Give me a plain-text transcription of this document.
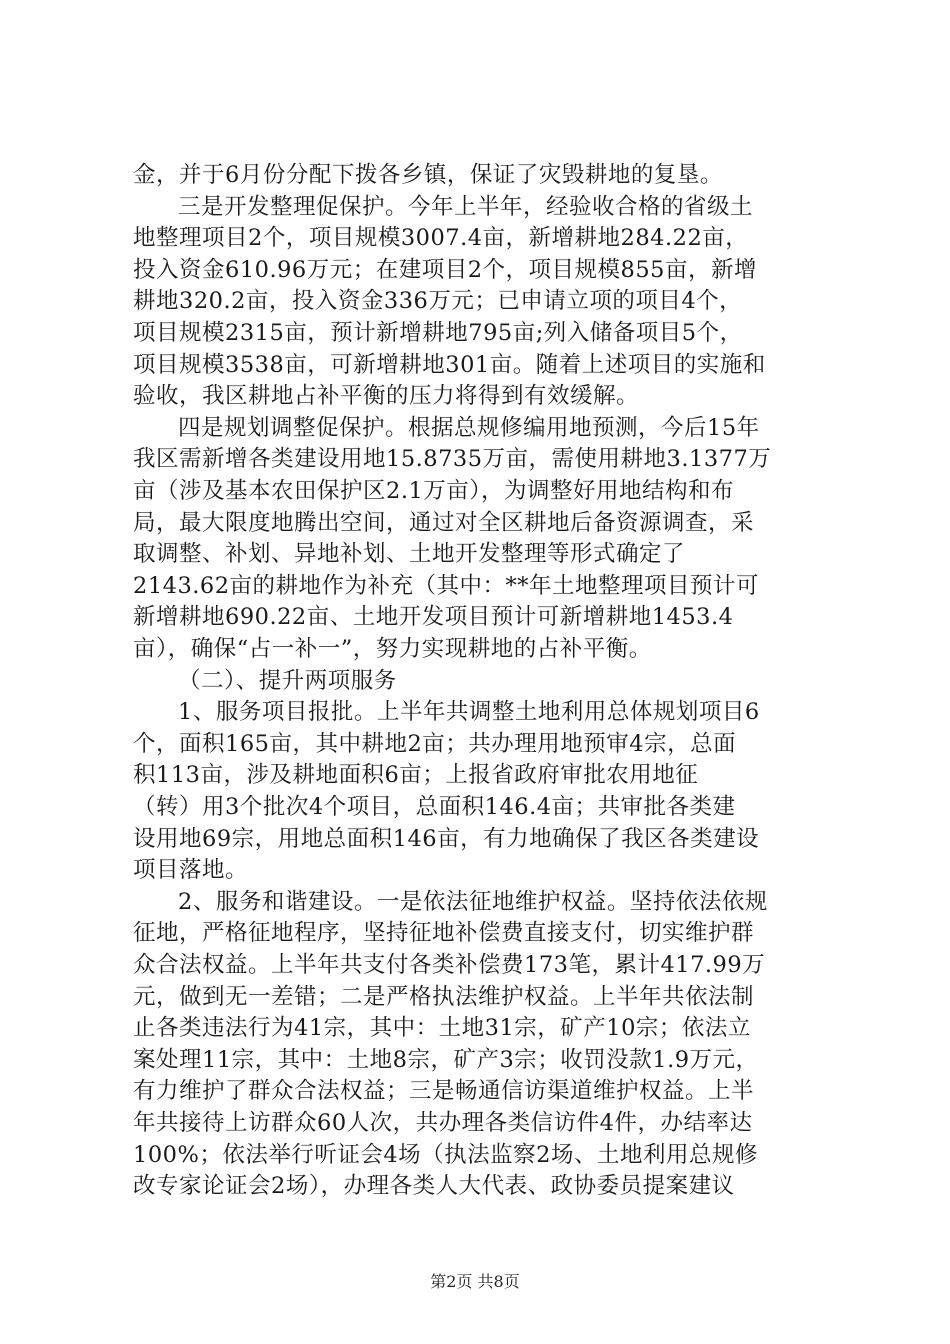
金，并于6月份分配下拨各乡镇，保证了灾毁耕地的复垦。
三是开发整理促保护。今年上半年，经验收合格的省级土
地整理项目2个，项目规模3007.4亩，新增耕地284.22亩，
投入资金610.96万元；在建项目2个，项目规模855亩，新增
耕地320.2亩，投入资金336万元；已申请立项的项目4个，
项目规模2315亩，预计新增耕地795亩;列入储备项目5个，
项目规模3538亩，可新增耕地301亩。随着上述项目的实施和
验收，我区耕地占补平衡的压力将得到有效缓解。
四是规划调整促保护。根据总规修编用地预测，今后15年
我区需新增各类建设用地15.8735万亩，需使用耕地3.1377万
亩（涉及基本农田保护区2.1万亩），为调整好用地结构和布
局，最大限度地腾出空间，通过对全区耕地后备资源调查，采
取调整、补划、异地补划、土地开发整理等形式确定了
2143.62亩的耕地作为补充（其中：**年土地整理项目预计可
新增耕地690.22亩、土地开发项目预计可新增耕地1453.4
亩），确保“占一补一”，努力实现耕地的占补平衡。
（二）、提升两项服务
1、服务项目报批。上半年共调整土地利用总体规划项目6
个，面积165亩，其中耕地2亩；共办理用地预审4宗，总面
积113亩，涉及耕地面积6亩；上报省政府审批农用地征
（转）用3个批次4个项目，总面积146.4亩；共审批各类建
设用地69宗，用地总面积146亩，有力地确保了我区各类建设
项目落地。
2、服务和谐建设。一是依法征地维护权益。坚持依法依规
征地，严格征地程序，坚持征地补偿费直接支付，切实维护群
众合法权益。上半年共支付各类补偿费173笔，累计417.99万
元，做到无一差错；二是严格执法维护权益。上半年共依法制
止各类违法行为41宗，其中：土地31宗，矿产10宗；依法立
案处理11宗，其中：土地8宗，矿产3宗；收罚没款1.9万元，
有力维护了群众合法权益；三是畅通信访渠道维护权益。上半
年共接待上访群众60人次，共办理各类信访件4件，办结率达
100%；依法举行听证会4场（执法监察2场、土地利用总规修
改专家论证会2场），办理各类人大代表、政协委员提案建议
第2页 共8页
